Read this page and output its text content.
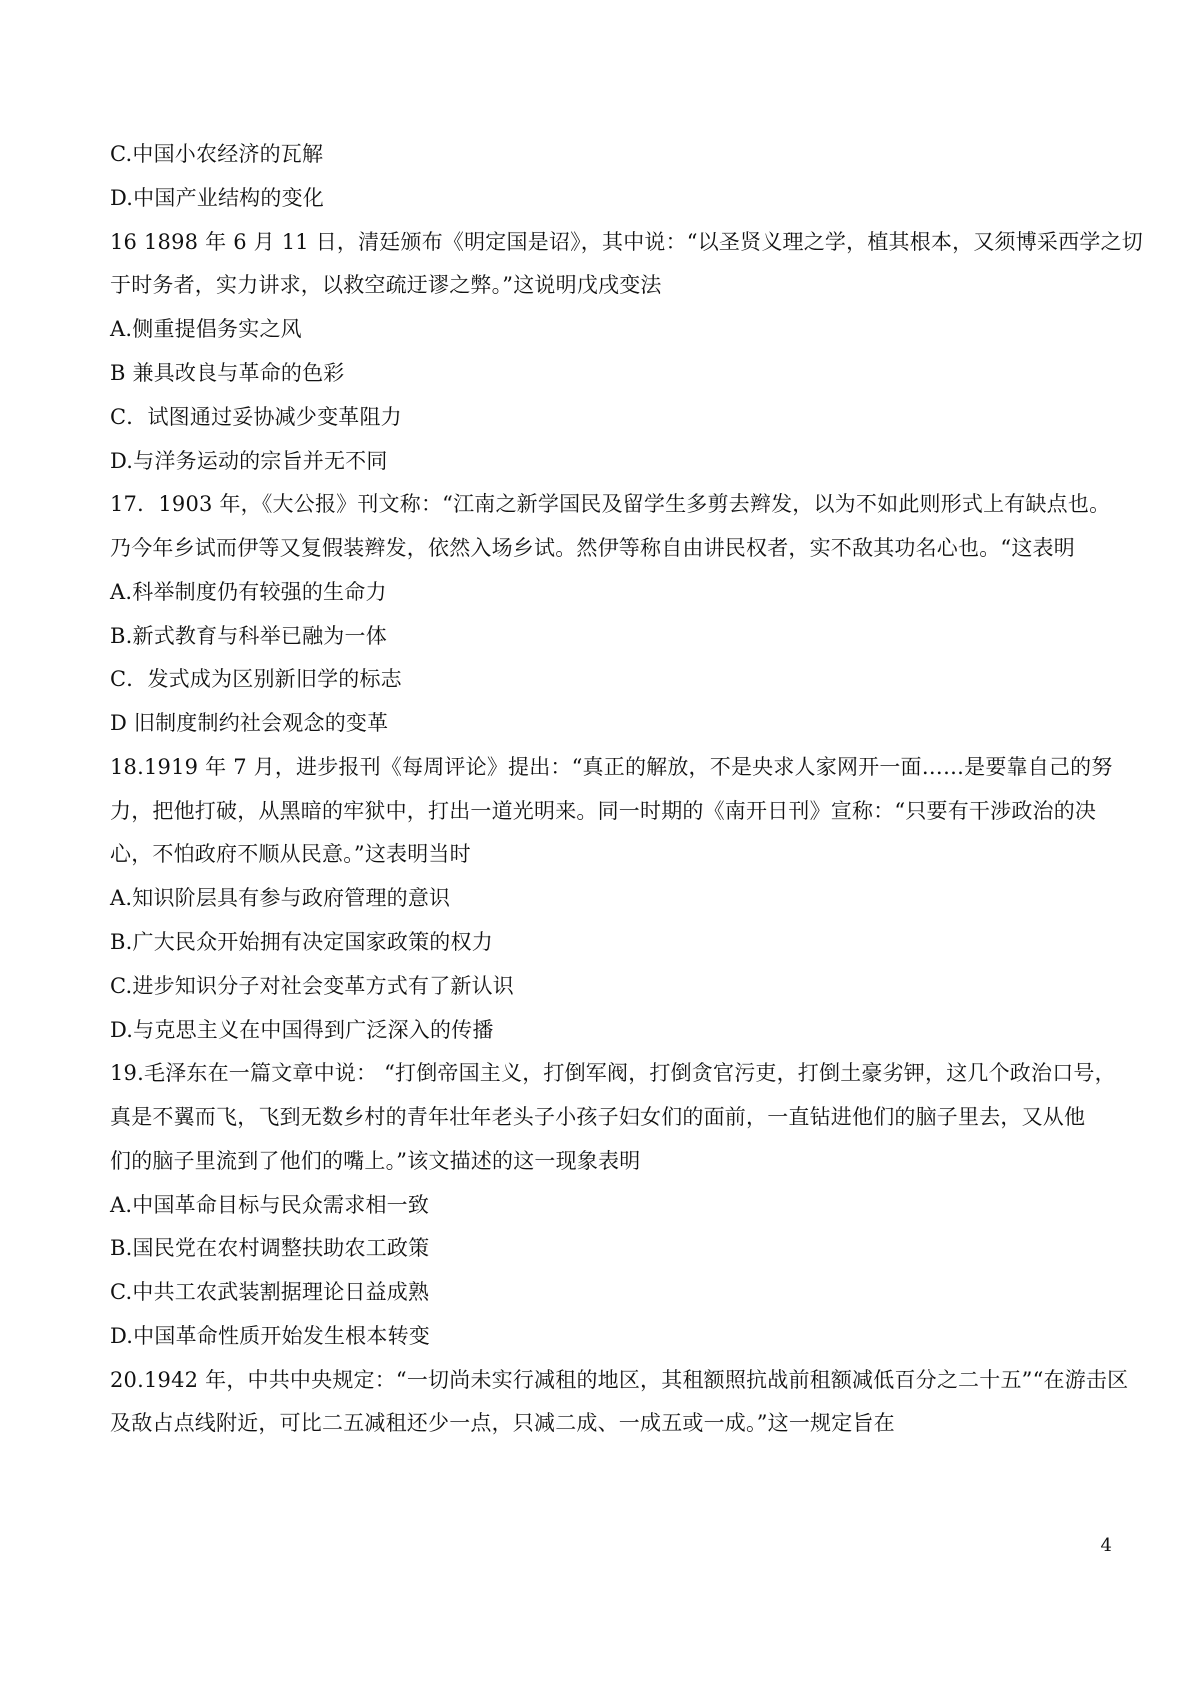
C.中国小农经济的瓦解
D.中国产业结构的变化
16 1898 年 6 月 11 日，清廷颁布《明定国是诏》，其中说：“以圣贤义理之学，植其根本，又须博采西学之切
于时务者，实力讲求，以救空疏迂谬之弊。”这说明戊戌变法
A.侧重提倡务实之风
B 兼具改良与革命的色彩
C．试图通过妥协减少变革阻力
D.与洋务运动的宗旨并无不同
17．1903 年，《大公报》刊文称：“江南之新学国民及留学生多剪去辫发，以为不如此则形式上有缺点也。
乃今年乡试而伊等又复假装辫发，依然入场乡试。然伊等称自由讲民权者，实不敌其功名心也。“这表明
A.科举制度仍有较强的生命力
B.新式教育与科举已融为一体
C．发式成为区别新旧学的标志
D 旧制度制约社会观念的变革
18.1919 年 7 月，进步报刊《每周评论》提出：“真正的解放，不是央求人家网开一面……是要靠自己的努
力，把他打破，从黑暗的牢狱中，打出一道光明来。同一时期的《南开日刊》宣称：“只要有干涉政治的决
心，不怕政府不顺从民意。”这表明当时
A.知识阶层具有参与政府管理的意识
B.广大民众开始拥有决定国家政策的权力
C.进步知识分子对社会变革方式有了新认识
D.与克思主义在中国得到广泛深入的传播
19.毛泽东在一篇文章中说： “打倒帝国主义，打倒军阀，打倒贪官污吏，打倒土豪劣钾，这几个政治口号，
真是不翼而飞，飞到无数乡村的青年壮年老头子小孩子妇女们的面前，一直钻进他们的脑子里去，又从他
们的脑子里流到了他们的嘴上。”该文描述的这一现象表明
A.中国革命目标与民众需求相一致
B.国民党在农村调整扶助农工政策
C.中共工农武装割据理论日益成熟
D.中国革命性质开始发生根本转变
20.1942 年，中共中央规定：“一切尚未实行减租的地区，其租额照抗战前租额减低百分之二十五”“在游击区
及敌占点线附近，可比二五减租还少一点，只减二成、一成五或一成。”这一规定旨在
4
